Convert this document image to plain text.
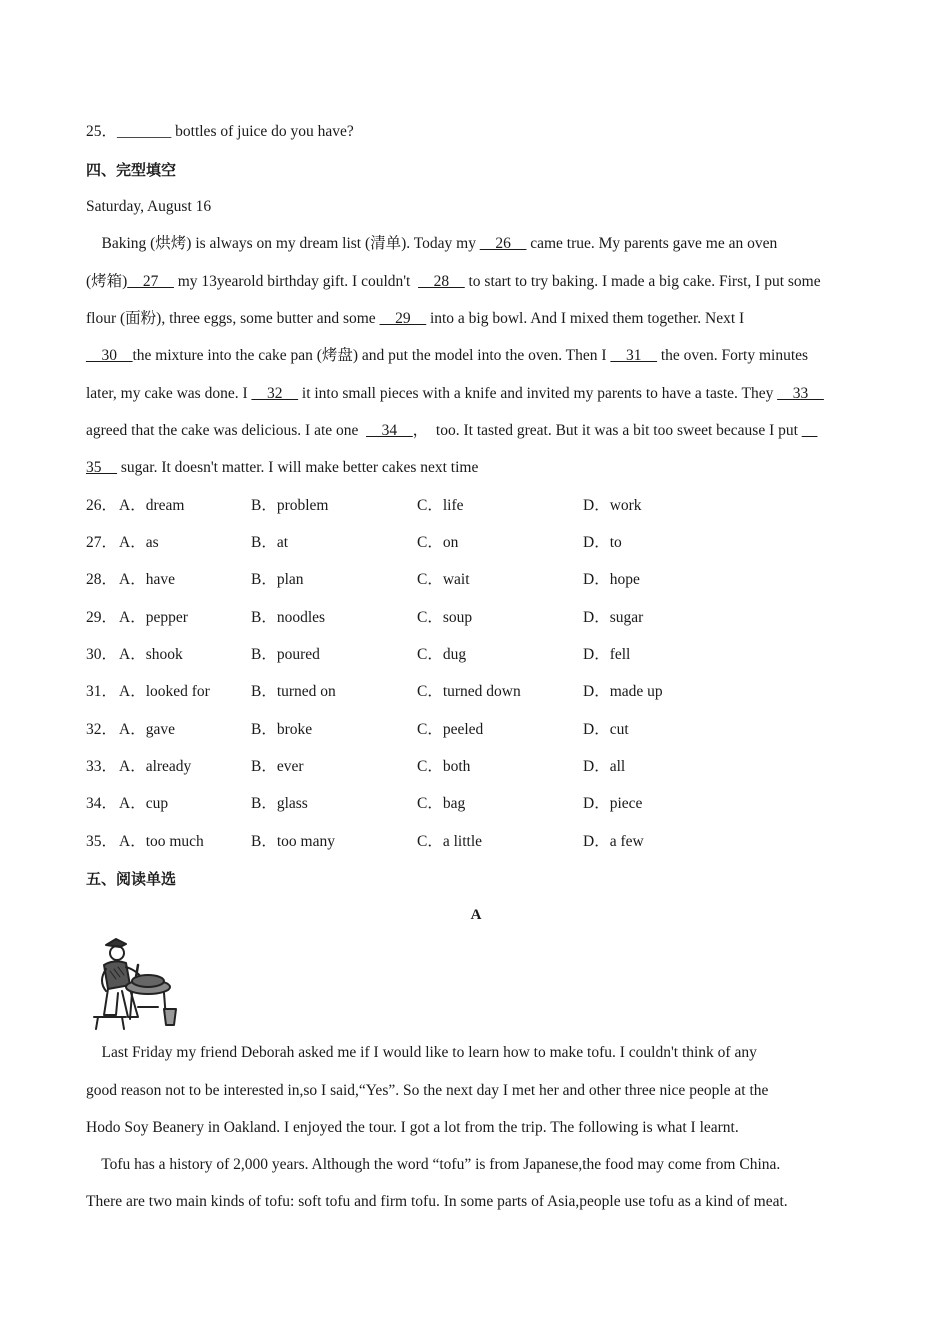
25．_______ bottles of juice do you have?
四、完型填空
Saturday, August 16
Baking (烘烤) is always on my dream list (清单). Today my __26__ came true. My parents gave me an oven
(烤箱)__27__ my 13yearold birthday gift. I couldn't  __28__ to start to try baking. I made a big cake. First, I put some
flour (面粉), three eggs, some butter and some __29__ into a big bowl. And I mixed them together. Next I
__30__the mixture into the cake pan (烤盘) and put the model into the oven. Then I __31__ the oven. Forty minutes
later, my cake was done. I __32__ it into small pieces with a knife and invited my parents to have a taste. They __33__
agreed that the cake was delicious. I ate one  __34__，  too. It tasted great. But it was a bit too sweet because I put __
35__ sugar. It doesn't matter. I will make better cakes next time
26． A．dream	B．problem	C．life	D．work
27． A．as	B．at	C．on	D．to
28． A．have	B．plan	C．wait	D．hope
29． A．pepper	B．noodles	C．soup	D．sugar
30． A．shook	B．poured	C．dug	D．fell
31． A．looked for	B．turned on	C．turned down	D．made up
32． A．gave	B．broke	C．peeled	D．cut
33． A．already	B．ever	C．both	D．all
34． A．cup	B．glass	C．bag	D．piece
35． A．too much	B．too many	C．a little	D．a few
五、阅读单选
A
Last Friday my friend Deborah asked me if I would like to learn how to make tofu. I couldn't think of any
good reason not to be interested in,so I said,“Yes”. So the next day I met her and other three nice people at the
Hodo Soy Beanery in Oakland. I enjoyed the tour. I got a lot from the trip. The following is what I learnt.
Tofu has a history of 2,000 years. Although the word “tofu” is from Japanese,the food may come from China.
There are two main kinds of tofu: soft tofu and firm tofu. In some parts of Asia,people use tofu as a kind of meat.
